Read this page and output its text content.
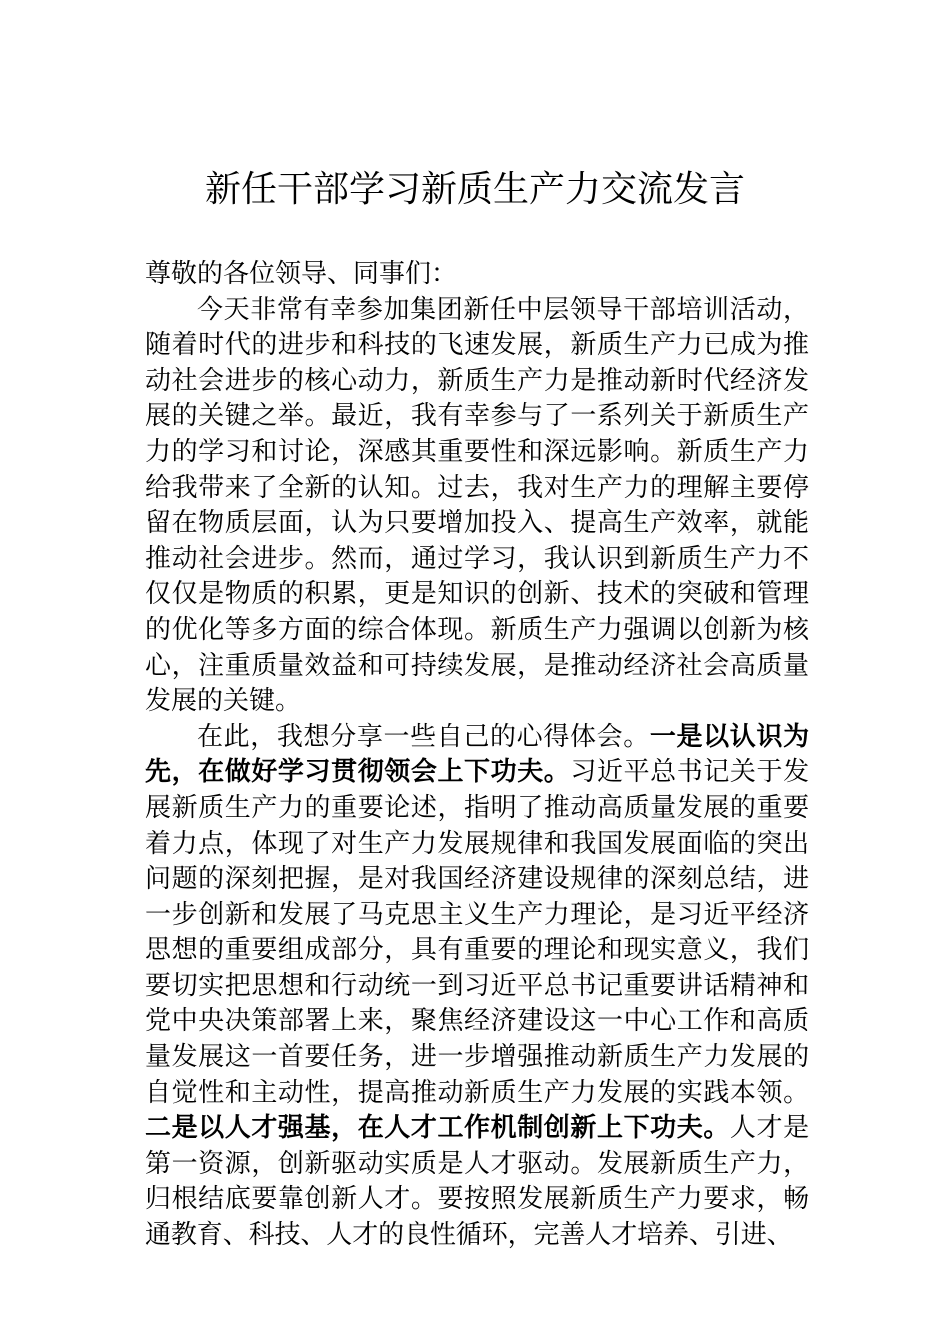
新任干部学习新质生产力交流发言

尊敬的各位领导、同事们：

今天非常有幸参加集团新任中层领导干部培训活动，随着时代的进步和科技的飞速发展，新质生产力已成为推动社会进步的核心动力，新质生产力是推动新时代经济发展的关键之举。最近，我有幸参与了一系列关于新质生产力的学习和讨论，深感其重要性和深远影响。新质生产力给我带来了全新的认知。过去，我对生产力的理解主要停留在物质层面，认为只要增加投入、提高生产效率，就能推动社会进步。然而，通过学习，我认识到新质生产力不仅仅是物质的积累，更是知识的创新、技术的突破和管理的优化等多方面的综合体现。新质生产力强调以创新为核心，注重质量效益和可持续发展，是推动经济社会高质量发展的关键。

在此，我想分享一些自己的心得体会。一是以认识为先，在做好学习贯彻领会上下功夫。习近平总书记关于发展新质生产力的重要论述，指明了推动高质量发展的重要着力点，体现了对生产力发展规律和我国发展面临的突出问题的深刻把握，是对我国经济建设规律的深刻总结，进一步创新和发展了马克思主义生产力理论，是习近平经济思想的重要组成部分，具有重要的理论和现实意义，我们要切实把思想和行动统一到习近平总书记重要讲话精神和党中央决策部署上来，聚焦经济建设这一中心工作和高质量发展这一首要任务，进一步增强推动新质生产力发展的自觉性和主动性，提高推动新质生产力发展的实践本领。二是以人才强基，在人才工作机制创新上下功夫。人才是第一资源，创新驱动实质是人才驱动。发展新质生产力，归根结底要靠创新人才。要按照发展新质生产力要求，畅通教育、科技、人才的良性循环，完善人才培养、引进、
